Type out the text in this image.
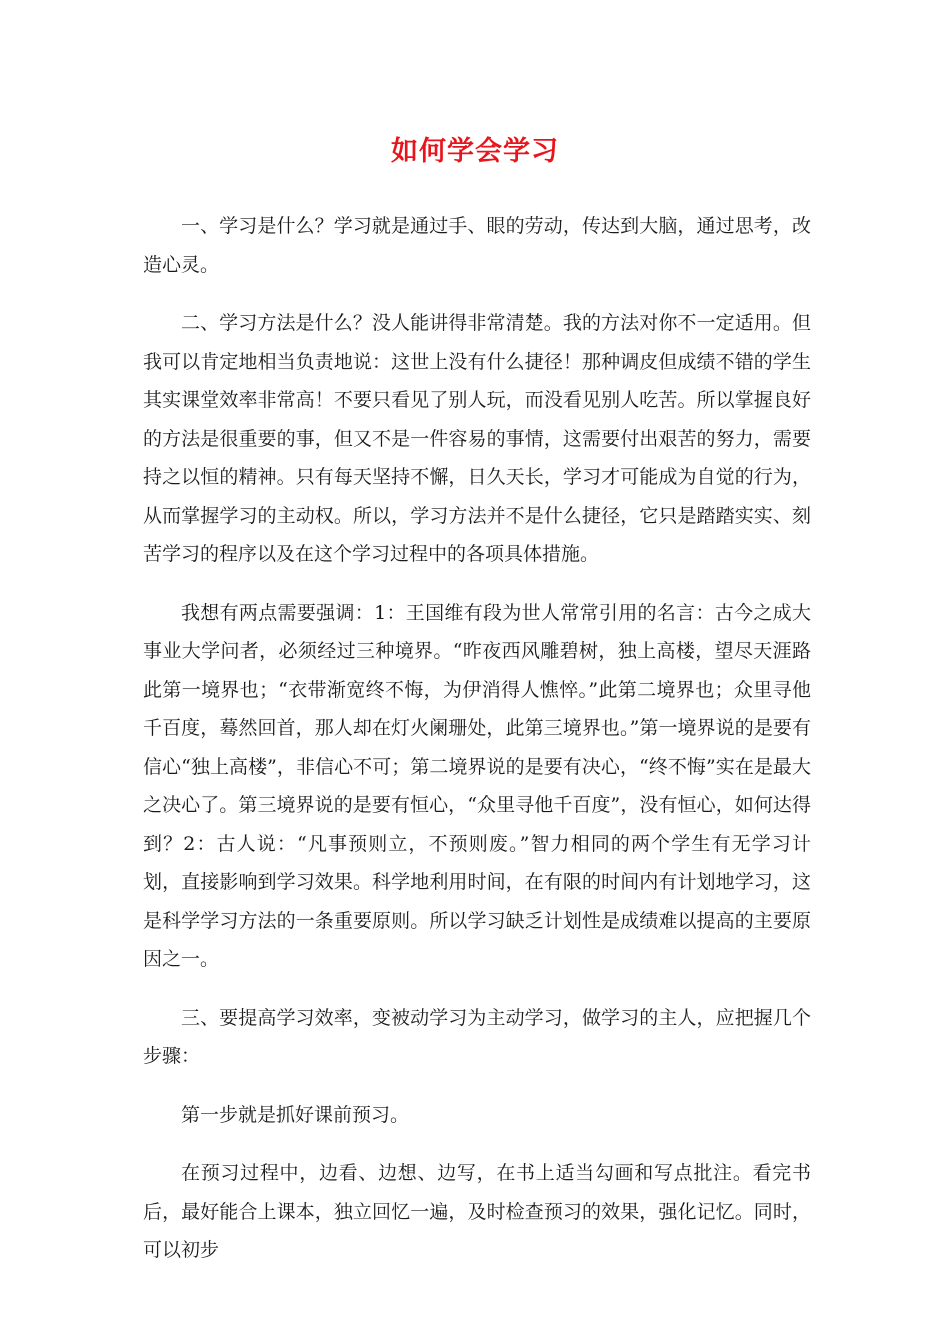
如何学会学习

一、学习是什么？学习就是通过手、眼的劳动，传达到大脑，通过思考，改造心灵。

二、学习方法是什么？没人能讲得非常清楚。我的方法对你不一定适用。但我可以肯定地相当负责地说：这世上没有什么捷径！那种调皮但成绩不错的学生其实课堂效率非常高！不要只看见了别人玩，而没看见别人吃苦。所以掌握良好的方法是很重要的事，但又不是一件容易的事情，这需要付出艰苦的努力，需要持之以恒的精神。只有每天坚持不懈，日久天长，学习才可能成为自觉的行为，从而掌握学习的主动权。所以，学习方法并不是什么捷径，它只是踏踏实实、刻苦学习的程序以及在这个学习过程中的各项具体措施。

我想有两点需要强调：1：王国维有段为世人常常引用的名言：古今之成大事业大学问者，必须经过三种境界。“昨夜西风雕碧树，独上高楼，望尽天涯路此第一境界也；“衣带渐宽终不悔，为伊消得人憔悴。”此第二境界也；众里寻他千百度，蓦然回首，那人却在灯火阑珊处，此第三境界也。”第一境界说的是要有信心“独上高楼”，非信心不可；第二境界说的是要有决心，“终不悔”实在是最大之决心了。第三境界说的是要有恒心，“众里寻他千百度”，没有恒心，如何达得到？2：古人说：“凡事预则立，不预则废。”智力相同的两个学生有无学习计划，直接影响到学习效果。科学地利用时间，在有限的时间内有计划地学习，这是科学学习方法的一条重要原则。所以学习缺乏计划性是成绩难以提高的主要原因之一。

三、要提高学习效率，变被动学习为主动学习，做学习的主人，应把握几个步骤：

第一步就是抓好课前预习。

在预习过程中，边看、边想、边写，在书上适当勾画和写点批注。看完书后，最好能合上课本，独立回忆一遍，及时检查预习的效果，强化记忆。同时，可以初步
